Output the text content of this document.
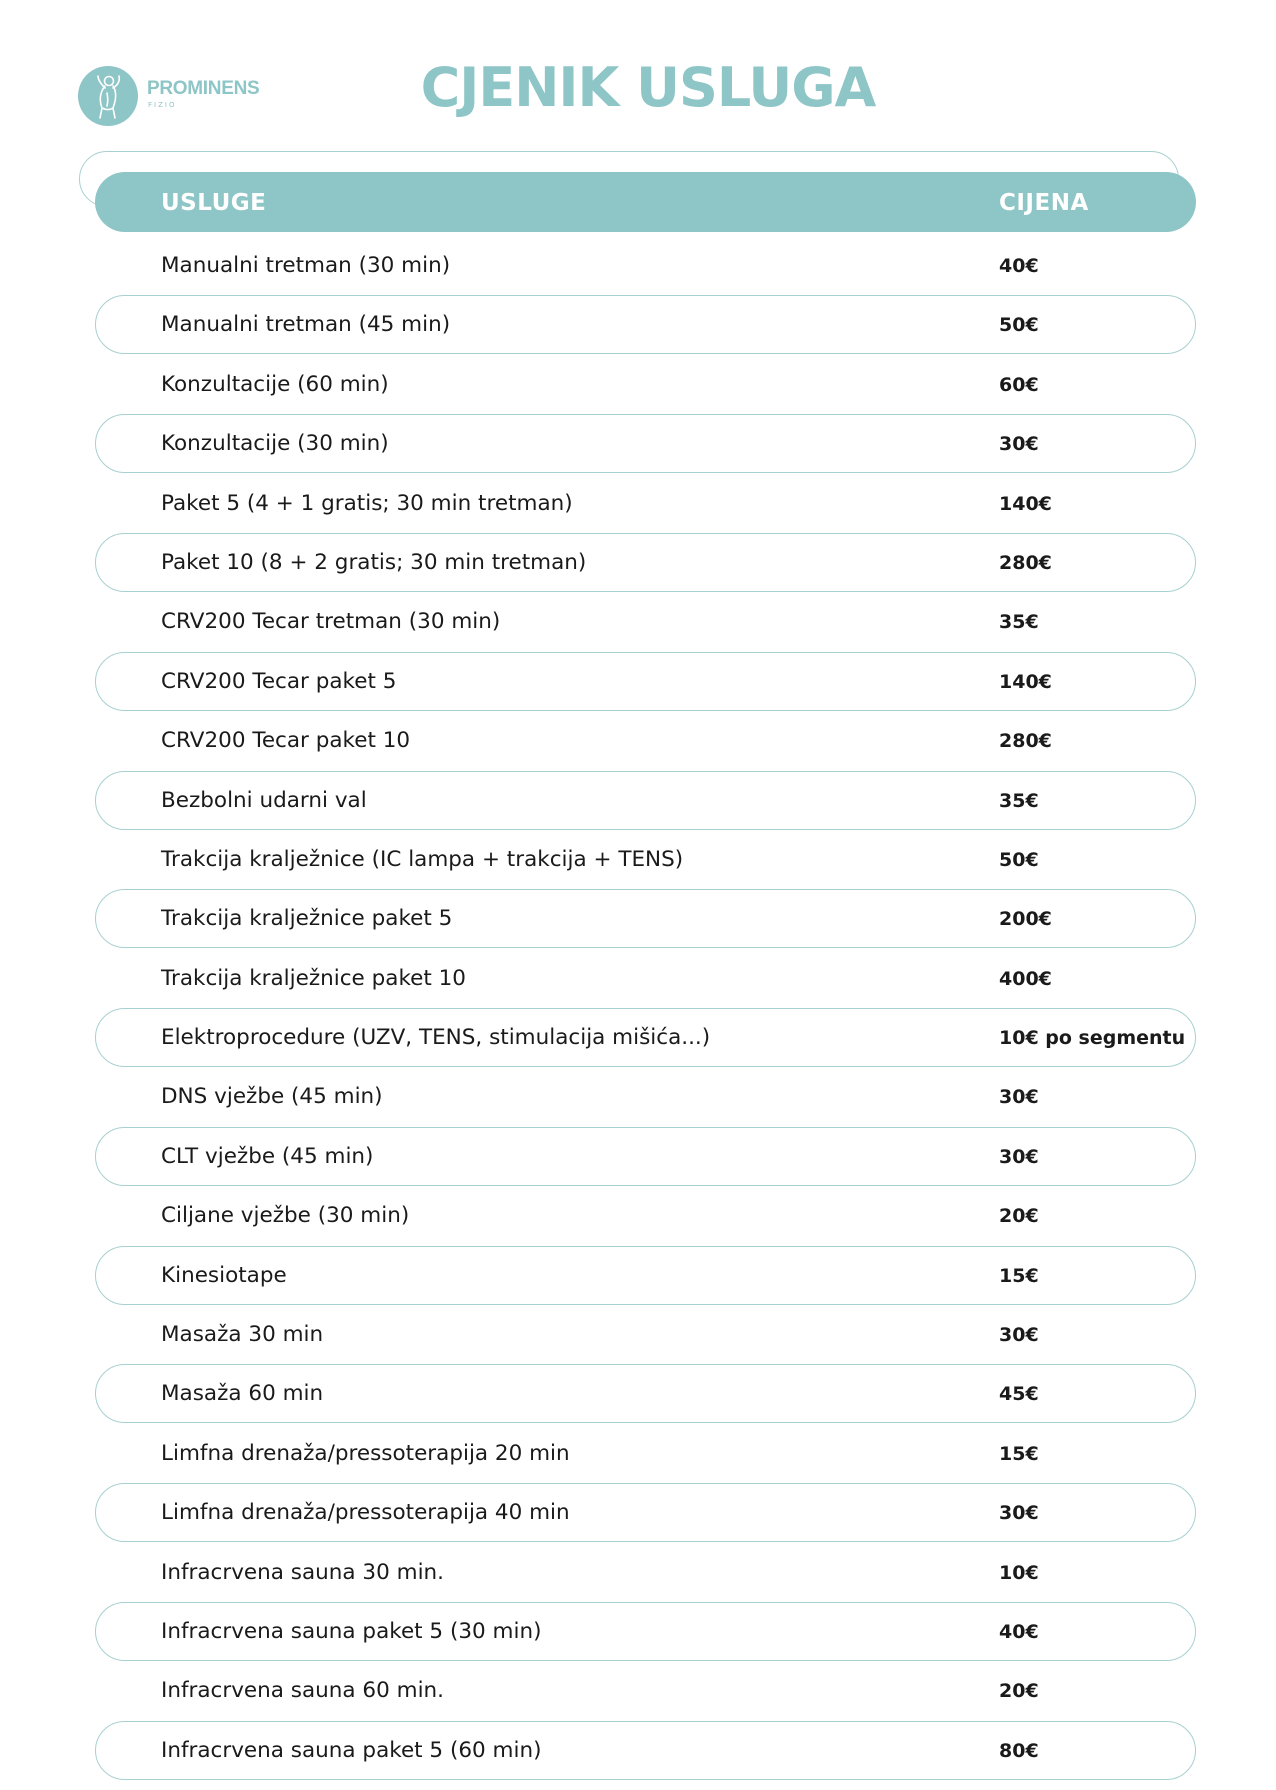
PROMINENS
FIZIO	CJENIK USLUGA
USLUGE	CIJENA
Manualni tretman (30 min)	40€
Manualni tretman (45 min)	50€
Konzultacije (60 min)	60€
Konzultacije (30 min)	30€
Paket 5 (4 + 1 gratis; 30 min tretman)	140€
Paket 10 (8 + 2 gratis; 30 min tretman)	280€
CRV200 Tecar tretman (30 min)	35€
CRV200 Tecar paket 5	140€
CRV200 Tecar paket 10	280€
Bezbolni udarni val	35€
Trakcija kralježnice (IC lampa + trakcija + TENS)	50€
Trakcija kralježnice paket 5	200€
Trakcija kralježnice paket 10	400€
Elektroprocedure (UZV, TENS, stimulacija mišića...)	10€ po segmentu
DNS vježbe (45 min)	30€
CLT vježbe (45 min)	30€
Ciljane vježbe (30 min)	20€
Kinesiotape	15€
Masaža 30 min	30€
Masaža 60 min	45€
Limfna drenaža/pressoterapija 20 min	15€
Limfna drenaža/pressoterapija 40 min	30€
Infracrvena sauna 30 min.	10€
Infracrvena sauna paket 5 (30 min)	40€
Infracrvena sauna 60 min.	20€
Infracrvena sauna paket 5 (60 min)	80€
